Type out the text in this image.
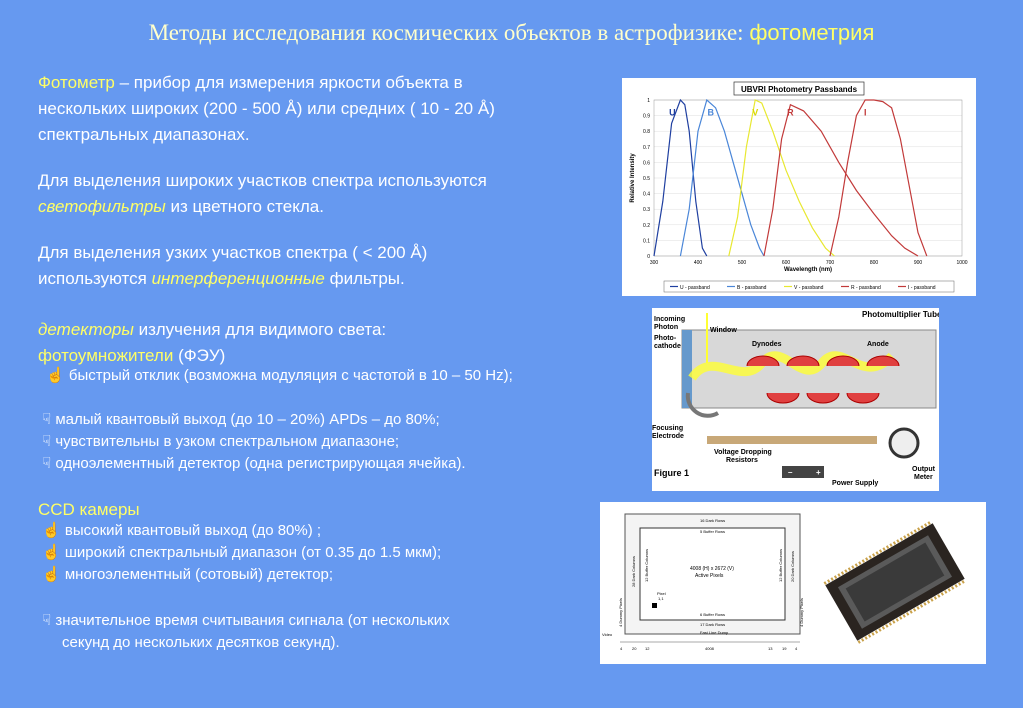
Методы исследования космических объектов в астрофизике: фотометрия
Фотометр – прибор для измерения яркости объекта в
нескольких широких (200 - 500 Å) или средних ( 10 - 20 Å)
спектральных диапазонах.
Для выделения широких участков спектра используются
светофильтры из цветного стекла.
Для выделения узких участков спектра ( < 200 Å)
используются интерференционные фильтры.
детекторы излучения для видимого света:
фотоумножители (ФЭУ)
☝ быстрый отклик (возможна модуляция с частотой в 10 – 50 Hz);
☟ малый квантовый выход (до 10 – 20%) APDs – до 80%;
☟ чувствительны в узком спектральном диапазоне;
☟ одноэлементный детектор (одна регистрирующая ячейка).
CCD камеры
☝ высокий квантовый выход (до 80%) ;
☝ широкий спектральный диапазон (от 0.35 до 1.5 мкм);
☝ многоэлементный (сотовый) детектор;
☟ значительное время считывания сигнала (от нескольких
секунд до нескольких десятков секунд).
UBVRI Photometry Passbands
0
0.1
0.2
0.3
0.4
0.5
0.6
0.7
0.8
0.9
1
300	400	500	600	700	800	900	1000
Wavelength (nm)
Relative Intensity
U	B	V	R	I
U - passband	B - passband	V - passband	R - passband	I - passband
Photomultiplier Tube
Incoming
Photon	Window
Photo-
cathode	Dynodes	Anode
Focusing
Electrode
Voltage Dropping
Resistors
Figure 1	–	+
Power Supply
Output
Meter
16 Dark Rows
5 Buffer Rows
4008 (H) x 2672 (V)
Active Pixels
Pixel
1,1
6 Buffer Rows
17 Dark Rows
Fast Line Dump
Video
28 Dark Columns 12 Buffer Columns	12 Buffer Columns 20 Dark Columns
4 Dummy Pixels	4 Dummy Pixels
4 20 12	4008	13 19 4
